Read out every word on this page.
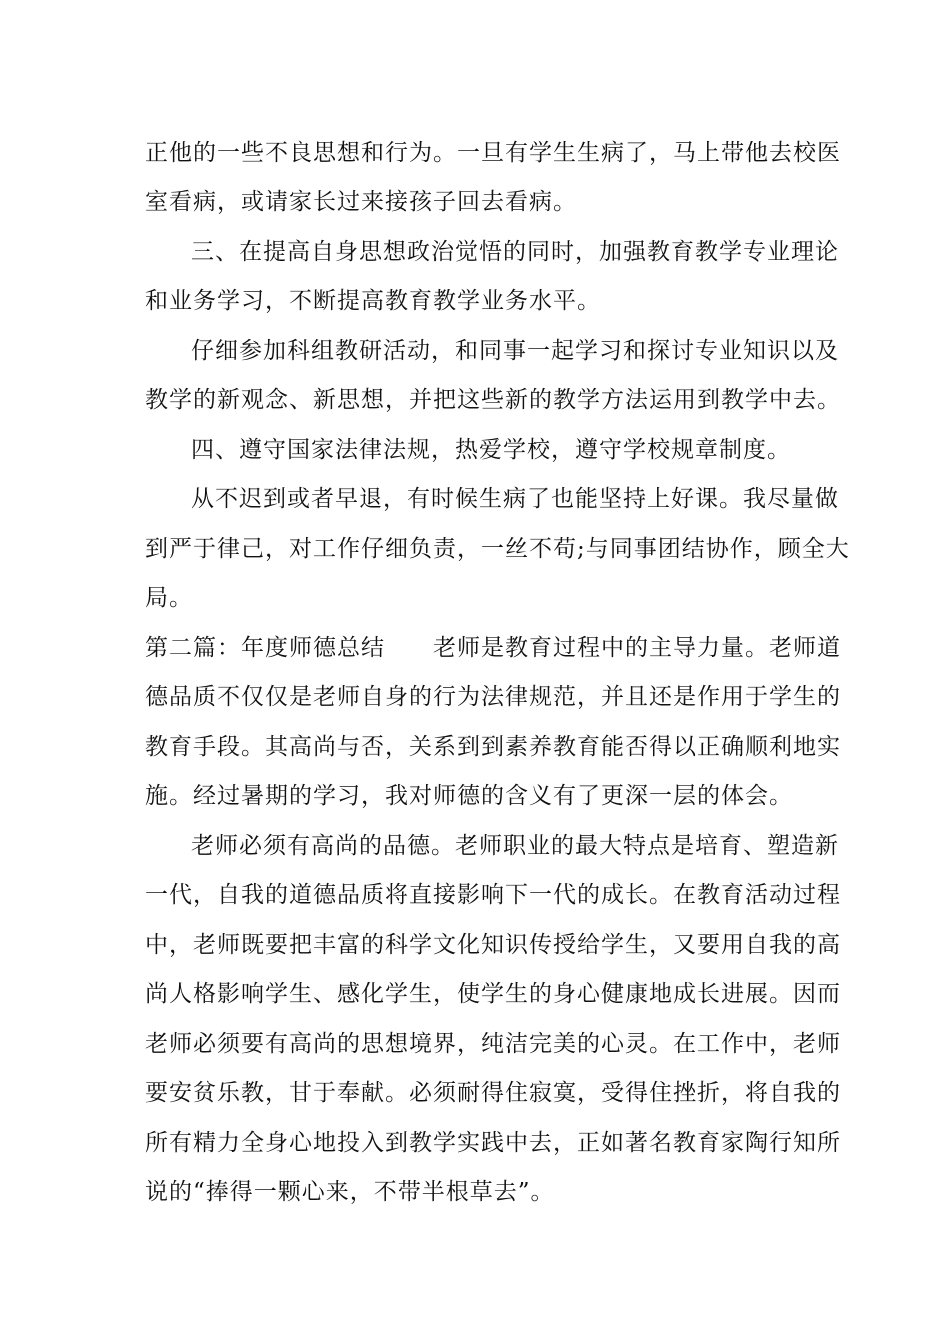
正他的一些不良思想和行为。一旦有学生生病了，马上带他去校医
室看病，或请家长过来接孩子回去看病。
三、在提高自身思想政治觉悟的同时，加强教育教学专业理论
和业务学习，不断提高教育教学业务水平。
仔细参加科组教研活动，和同事一起学习和探讨专业知识以及
教学的新观念、新思想，并把这些新的教学方法运用到教学中去。
四、遵守国家法律法规，热爱学校，遵守学校规章制度。
从不迟到或者早退，有时候生病了也能坚持上好课。我尽量做
到严于律己，对工作仔细负责，一丝不苟;与同事团结协作，顾全大
局。
第二篇：年度师德总结 老师是教育过程中的主导力量。老师道
德品质不仅仅是老师自身的行为法律规范，并且还是作用于学生的
教育手段。其高尚与否，关系到到素养教育能否得以正确顺利地实
施。经过暑期的学习，我对师德的含义有了更深一层的体会。
老师必须有高尚的品德。老师职业的最大特点是培育、塑造新
一代，自我的道德品质将直接影响下一代的成长。在教育活动过程
中，老师既要把丰富的科学文化知识传授给学生，又要用自我的高
尚人格影响学生、感化学生，使学生的身心健康地成长进展。因而
老师必须要有高尚的思想境界，纯洁完美的心灵。在工作中，老师
要安贫乐教，甘于奉献。必须耐得住寂寞，受得住挫折，将自我的
所有精力全身心地投入到教学实践中去，正如著名教育家陶行知所
说的“捧得一颗心来，不带半根草去”。
